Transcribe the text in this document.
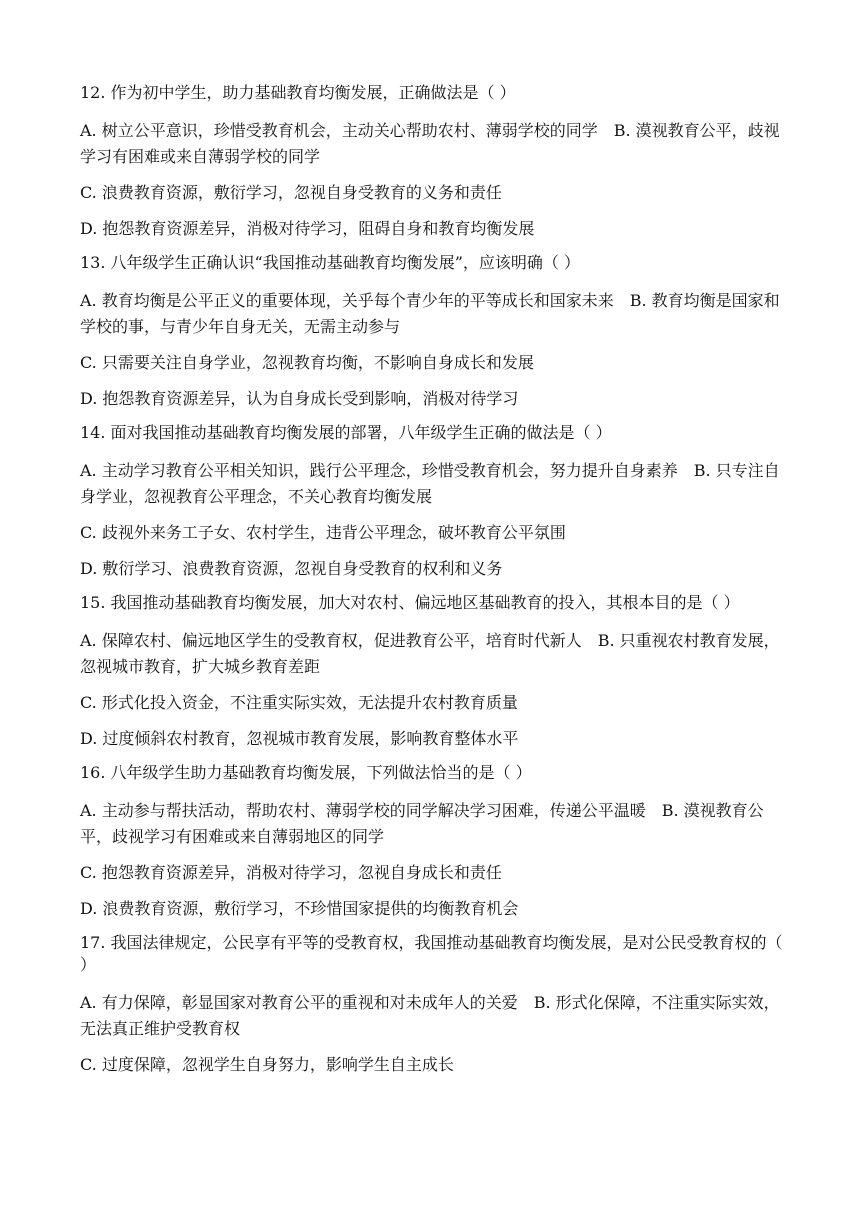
12. 作为初中学生，助力基础教育均衡发展，正确做法是（ ）

A. 树立公平意识，珍惜受教育机会，主动关心帮助农村、薄弱学校的同学　B. 漠视教育公平，歧视学习有困难或来自薄弱学校的同学

C. 浪费教育资源，敷衍学习，忽视自身受教育的义务和责任

D. 抱怨教育资源差异，消极对待学习，阻碍自身和教育均衡发展

13. 八年级学生正确认识“我国推动基础教育均衡发展”，应该明确（ ）

A. 教育均衡是公平正义的重要体现，关乎每个青少年的平等成长和国家未来　B. 教育均衡是国家和学校的事，与青少年自身无关，无需主动参与

C. 只需要关注自身学业，忽视教育均衡，不影响自身成长和发展

D. 抱怨教育资源差异，认为自身成长受到影响，消极对待学习

14. 面对我国推动基础教育均衡发展的部署，八年级学生正确的做法是（ ）

A. 主动学习教育公平相关知识，践行公平理念，珍惜受教育机会，努力提升自身素养　B. 只专注自身学业，忽视教育公平理念，不关心教育均衡发展

C. 歧视外来务工子女、农村学生，违背公平理念，破坏教育公平氛围

D. 敷衍学习、浪费教育资源，忽视自身受教育的权利和义务

15. 我国推动基础教育均衡发展，加大对农村、偏远地区基础教育的投入，其根本目的是（ ）

A. 保障农村、偏远地区学生的受教育权，促进教育公平，培育时代新人　B. 只重视农村教育发展，忽视城市教育，扩大城乡教育差距

C. 形式化投入资金，不注重实际实效，无法提升农村教育质量

D. 过度倾斜农村教育，忽视城市教育发展，影响教育整体水平

16. 八年级学生助力基础教育均衡发展，下列做法恰当的是（ ）

A. 主动参与帮扶活动，帮助农村、薄弱学校的同学解决学习困难，传递公平温暖　B. 漠视教育公平，歧视学习有困难或来自薄弱地区的同学

C. 抱怨教育资源差异，消极对待学习，忽视自身成长和责任

D. 浪费教育资源，敷衍学习，不珍惜国家提供的均衡教育机会

17. 我国法律规定，公民享有平等的受教育权，我国推动基础教育均衡发展，是对公民受教育权的（ ）

A. 有力保障，彰显国家对教育公平的重视和对未成年人的关爱　B. 形式化保障，不注重实际实效，无法真正维护受教育权

C. 过度保障，忽视学生自身努力，影响学生自主成长
